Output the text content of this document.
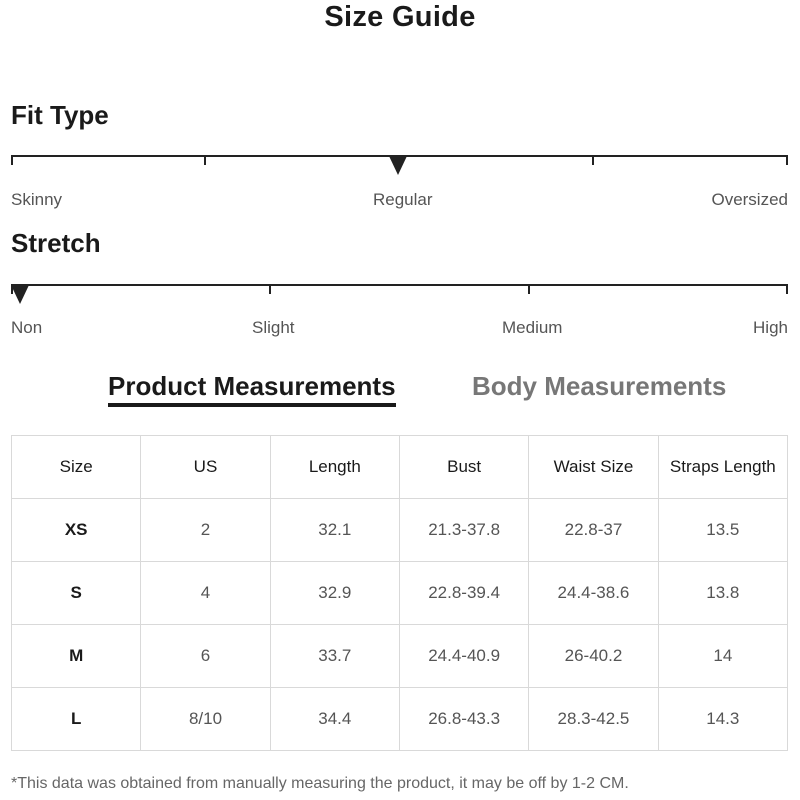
Size Guide
Fit Type
Skinny	Regular	Oversized
Stretch
Non	Slight	Medium	High
Product Measurements	Body Measurements
Size	US	Length	Bust	Waist Size	Straps Length
XS	2	32.1	21.3-37.8	22.8-37	13.5
S	4	32.9	22.8-39.4	24.4-38.6	13.8
M	6	33.7	24.4-40.9	26-40.2	14
L	8/10	34.4	26.8-43.3	28.3-42.5	14.3
*This data was obtained from manually measuring the product, it may be off by 1-2 CM.
